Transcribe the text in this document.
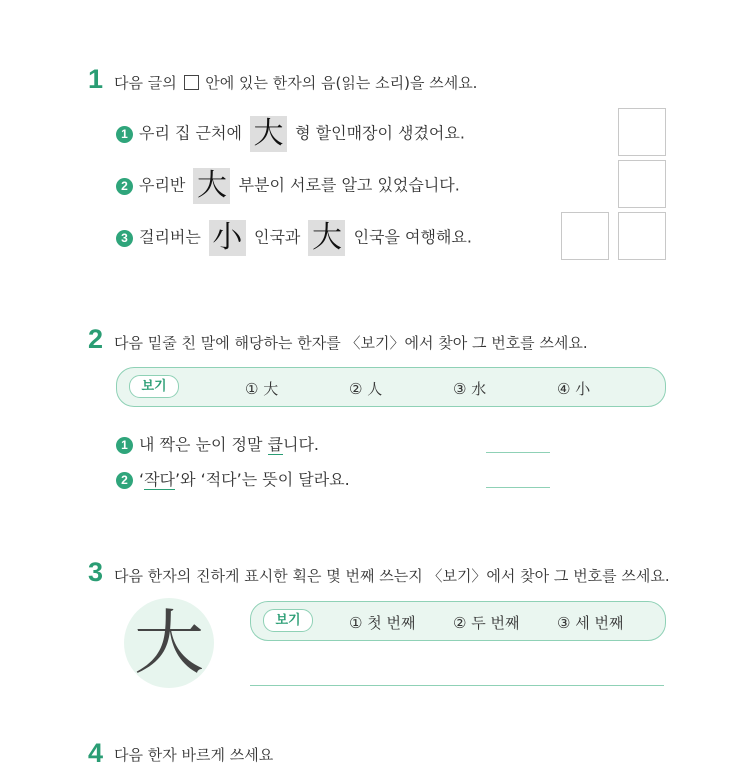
1 다음 글의 안에 있는 한자의 음(읽는 소리)을 쓰세요.
1 우리 집 근처에 大 형 할인매장이 생겼어요.
2 우리반 大 부분이 서로를 알고 있었습니다.
3 걸리버는 小 인국과 大 인국을 여행해요.
2 다음 밑줄 친 말에 해당하는 한자를 〈보기〉에서 찾아 그 번호를 쓰세요.
보기	① 大	② 人	③ 水	④ 小
1 내 짝은 눈이 정말 큽니다.
2 ‘작다’와 ‘적다’는 뜻이 달라요.
3 다음 한자의 진하게 표시한 획은 몇 번째 쓰는지 〈보기〉에서 찾아 그 번호를 쓰세요.
大	보기	① 첫 번째	② 두 번째	③ 세 번째
4 다음 한자 바르게 쓰세요
